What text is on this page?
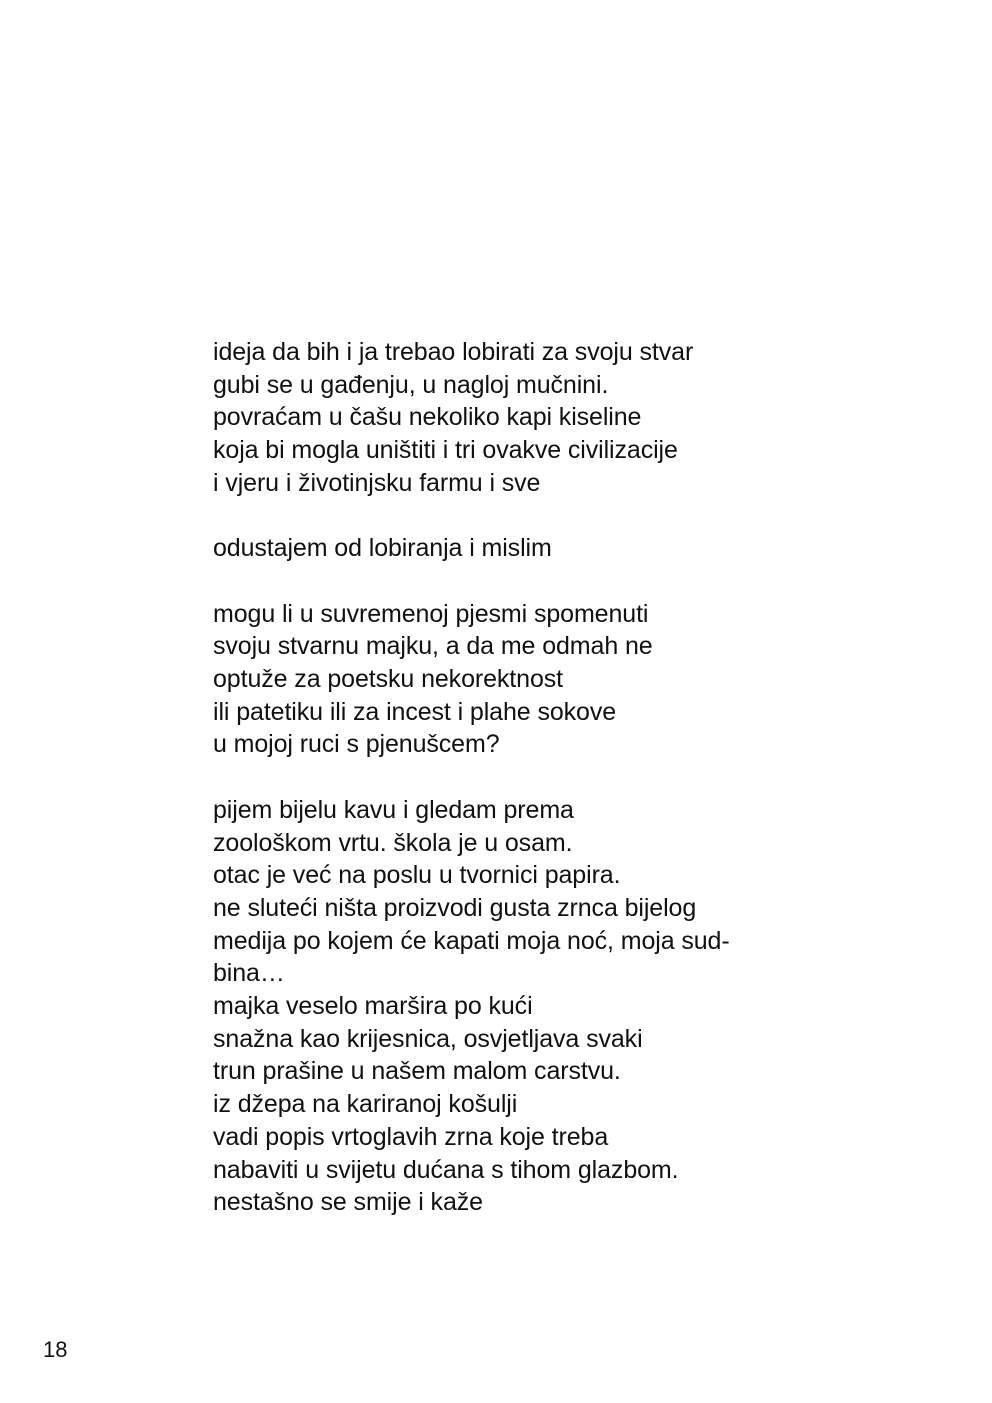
ideja da bih i ja trebao lobirati za svoju stvar
gubi se u gađenju, u nagloj mučnini.
povraćam u čašu nekoliko kapi kiseline
koja bi mogla uništiti i tri ovakve civilizacije
i vjeru i životinjsku farmu i sve
odustajem od lobiranja i mislim
mogu li u suvremenoj pjesmi spomenuti
svoju stvarnu majku, a da me odmah ne
optuže za poetsku nekorektnost
ili patetiku ili za incest i plahe sokove
u mojoj ruci s pjenušcem?
pijem bijelu kavu i gledam prema
zoološkom vrtu. škola je u osam.
otac je već na poslu u tvornici papira.
ne sluteći ništa proizvodi gusta zrnca bijelog
medija po kojem će kapati moja noć, moja sud-
bina…
majka veselo marširа po kući
snažna kao krijesnica, osvjetljava svaki
trun prašine u našem malom carstvu.
iz džepa na kariranoj košulji
vadi popis vrtoglavih zrna koje treba
nabaviti u svijetu dućana s tihom glazbom.
nestašno se smije i kaže
18
